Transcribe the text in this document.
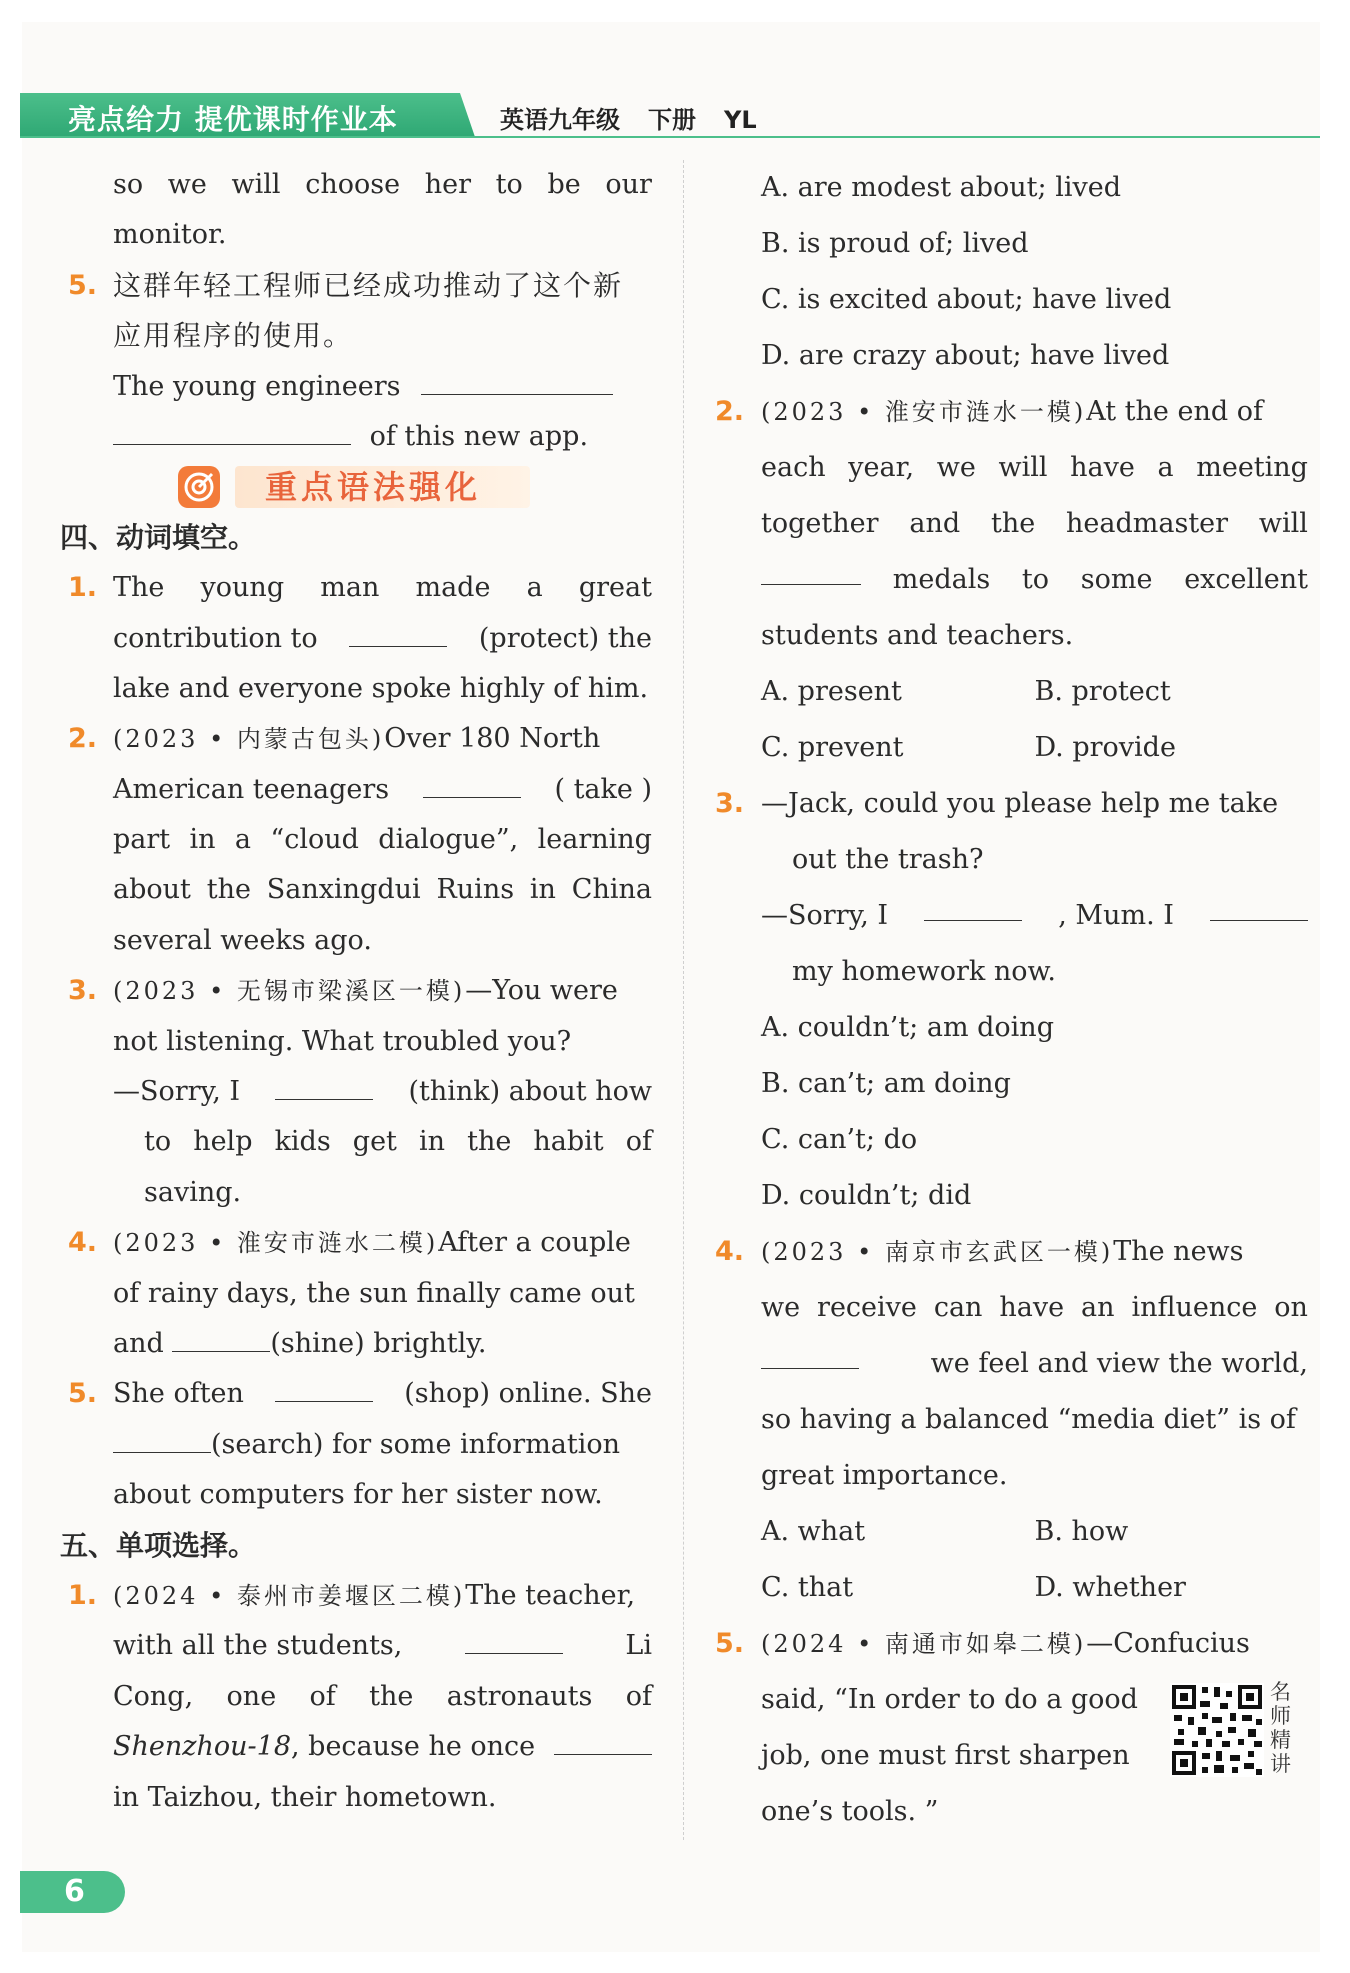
亮点给力 提优课时作业本	英语九年级 下册 YL
so we will choose her to be our
monitor.
5. 这群年轻工程师已经成功推动了这个新
应用程序的使用。
The young engineers
of this new app.
重点语法强化
四、动词填空。
1. The young man made a great
contribution to	(protect) the
lake and everyone spoke highly of him.
2. (2023 • 内蒙古包头)Over 180 North
American teenagers	( take )
part in a “cloud dialogue”, learning
about the Sanxingdui Ruins in China
several weeks ago.
3. (2023 • 无锡市梁溪区一模)—You were
not listening. What troubled you?
—Sorry, I	(think) about how
to help kids get in the habit of
saving.
4. (2023 • 淮安市涟水二模)After a couple
of rainy days, the sun finally came out
and	(shine) brightly.
5. She often	(shop) online. She
(search) for some information
about computers for her sister now.
五、单项选择。
1. (2024 • 泰州市姜堰区二模)The teacher,
with all the students,	Li
Cong, one of the astronauts of
Shenzhou-18, because he once
in Taizhou, their hometown.
A. are modest about; lived
B. is proud of; lived
C. is excited about; have lived
D. are crazy about; have lived
2. (2023 • 淮安市涟水一模)At the end of
each year, we will have a meeting
together and the headmaster will
medals to some excellent
students and teachers.
A. present	B. protect
C. prevent	D. provide
3. —Jack, could you please help me take
out the trash?
—Sorry, I	, Mum. I
my homework now.
A. couldn’t; am doing
B. can’t; am doing
C. can’t; do
D. couldn’t; did
4. (2023 • 南京市玄武区一模)The news
we receive can have an influence on
we feel and view the world,
so having a balanced “media diet” is of
great importance.
A. what	B. how
C. that	D. whether
5. (2024 • 南通市如皋二模)—Confucius
said, “In order to do a good
job, one must first sharpen
one’s tools. ”
名师精讲
6
